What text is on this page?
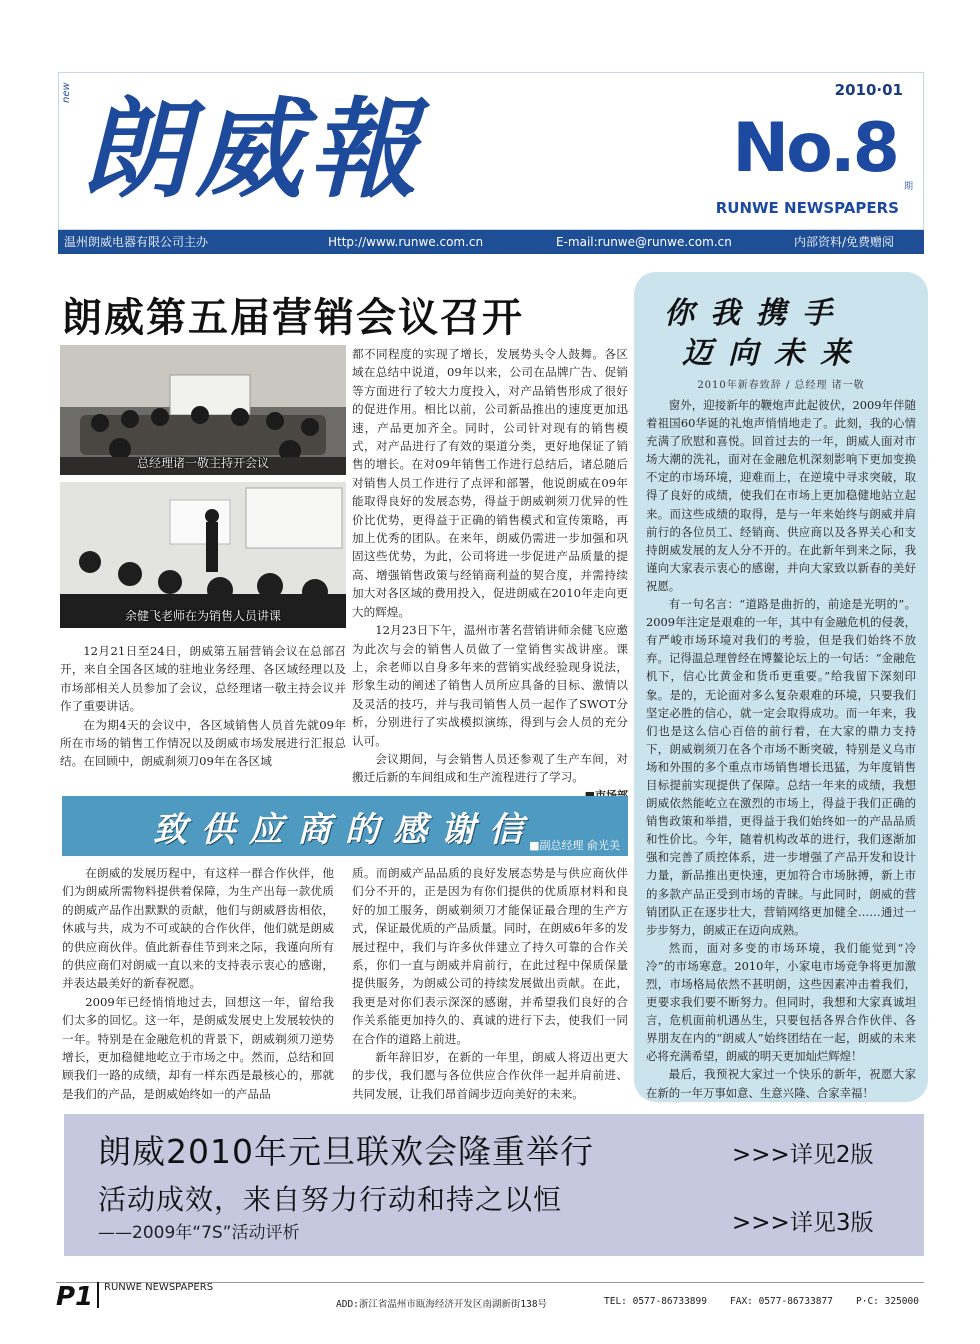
new 朗威報	2010·01
No.8 期
RUNWE NEWSPAPERS
温州朗威电器有限公司主办	Http://www.runwe.com.cn	E-mail:runwe@runwe.com.cn	内部资料/免费赠阅
朗威第五届营销会议召开
总经理诸一敬主持开会议
余健飞老师在为销售人员讲课

12月21日至24日，朗威第五届营销会议在总部召开，来自全国各区域的驻地业务经理、各区域经理以及市场部相关人员参加了会议，总经理诸一敬主持会议并作了重要讲话。

在为期4天的会议中，各区域销售人员首先就09年所在市场的销售工作情况以及朗威市场发展进行汇报总结。在回顾中，朗威刹须刀09年在各区域

都不同程度的实现了增长，发展势头令人鼓舞。各区域在总结中说道，09年以来，公司在品牌广告、促销等方面进行了较大力度投入，对产品销售形成了很好的促进作用。相比以前，公司新品推出的速度更加迅速，产品更加齐全。同时，公司针对现有的销售模式，对产品进行了有效的渠道分类，更好地保证了销售的增长。在对09年销售工作进行总结后，诸总随后对销售人员工作进行了点评和部署，他说朗威在09年能取得良好的发展态势，得益于朗威剃须刀优异的性价比优势，更得益于正确的销售模式和宣传策略，再加上优秀的团队。在来年，朗威仍需进一步加强和巩固这些优势，为此，公司将进一步促进产品质量的提高、增强销售政策与经销商利益的契合度，并需持续加大对各区域的费用投入，促进朗威在2010年走向更大的辉煌。

12月23日下午，温州市著名营销讲师余健飞应邀为此次与会的销售人员做了一堂销售实战讲座。课上，余老师以自身多年来的营销实战经验现身说法，形象生动的阐述了销售人员所应具备的目标、激情以及灵活的技巧，并与我司销售人员一起作了SWOT分析，分别进行了实战模拟演练，得到与会人员的充分认可。

会议期间，与会销售人员还参观了生产车间，对搬迁后新的车间组成和生产流程进行了学习。

致供应商的感谢信
■副总经理 俞光美

在朗威的发展历程中，有这样一群合作伙伴，他们为朗威所需物料提供着保障，为生产出每一款优质的朗威产品作出默默的贡献，他们与朗威唇齿相依，休戚与共，成为不可或缺的合作伙伴，他们就是朗威的供应商伙伴。值此新春佳节到来之际，我谨向所有的供应商们对朗威一直以来的支持表示衷心的感谢，并表达最美好的新春祝愿。

2009年已经悄悄地过去，回想这一年，留给我们太多的回忆。这一年，是朗威发展史上发展较快的一年。特别是在金融危机的背景下，朗威剃须刀逆势增长，更加稳健地屹立于市场之中。然而，总结和回顾我们一路的成绩，却有一样东西是最核心的，那就是我们的产品，是朗威始终如一的产品品

质。而朗威产品品质的良好发展态势是与供应商伙伴们分不开的，正是因为有你们提供的优质原材料和良好的加工服务，朗威剃须刀才能保证最合理的生产方式，保证最优质的产品质量。同时，在朗威6年多的发展过程中，我们与许多伙伴建立了持久可靠的合作关系，你们一直与朗威并肩前行，在此过程中保质保量提供服务，为朗威公司的持续发展做出贡献。在此，我更是对你们表示深深的感谢，并希望我们良好的合作关系能更加持久的、真诚的进行下去，使我们一同在合作的道路上前进。

新年辞旧岁，在新的一年里，朗威人将迈出更大的步伐，我们愿与各位供应合作伙伴一起并肩前进、共同发展，让我们昂首阔步迈向美好的未来。

你我携手
迈向未来
2010年新春致辞 / 总经理 诸一敬

窗外，迎接新年的鞭炮声此起彼伏，2009年伴随着祖国60华诞的礼炮声悄悄地走了。此刻，我的心情充满了欣慰和喜悦。回首过去的一年，朗威人面对市场大潮的洗礼，面对在金融危机深刻影响下更加变换不定的市场环境，迎难而上，在逆境中寻求突破，取得了良好的成绩，使我们在市场上更加稳健地站立起来。而这些成绩的取得，是与一年来始终与朗威并肩前行的各位员工、经销商、供应商以及各界关心和支持朗威发展的友人分不开的。在此新年到来之际，我谨向大家表示衷心的感谢，并向大家致以新春的美好祝愿。

有一句名言：“道路是曲折的，前途是光明的”。2009年注定是艰难的一年，其中有金融危机的侵袭，有严峻市场环境对我们的考验，但是我们始终不放弃。记得温总理曾经在博鳌论坛上的一句话：“金融危机下，信心比黄金和货币更重要。”给我留下深刻印象。是的，无论面对多么复杂艰难的环境，只要我们坚定必胜的信心，就一定会取得成功。而一年来，我们也是这么信心百倍的前行着，在大家的鼎力支持下，朗威剃须刀在各个市场不断突破，特别是义乌市场和外围的多个重点市场销售增长迅猛，为年度销售目标提前实现提供了保障。总结一年来的成绩，我想朗威依然能屹立在激烈的市场上，得益于我们正确的销售政策和举措，更得益于我们始终如一的产品品质和性价比。今年，随着机构改革的进行，我们逐渐加强和完善了质控体系，进一步增强了产品开发和设计力量，新品推出更快速，更加符合市场脉搏，新上市的多款产品正受到市场的青睐。与此同时，朗威的营销团队正在逐步壮大，营销网络更加健全……通过一步步努力，朗威正在迈向成熟。

然而，面对多变的市场环境，我们能觉到“冷冷”的市场寒意。2010年，小家电市场竞争将更加激烈，市场格局依然不甚明朗，这些因素冲击着我们，更要求我们要不断努力。但同时，我想和大家真诚坦言，危机面前机遇丛生，只要包括各界合作伙伴、各界朋友在内的“朗威人”始终团结在一起，朗威的未来必将充满希望，朗威的明天更加灿烂辉煌！

最后，我预祝大家过一个快乐的新年，祝愿大家在新的一年万事如意、生意兴隆、合家幸福！

朗威2010年元旦联欢会隆重举行	>>>详见2版
活动成效，来自努力行动和持之以恒
——2009年“7S”活动评析	>>>详见3版
P1 RUNWE NEWSPAPERS
ADD:浙江省温州市瓯海经济开发区南湖新街138号	TEL: 0577-86733899 FAX: 0577-86733877 P·C: 325000
